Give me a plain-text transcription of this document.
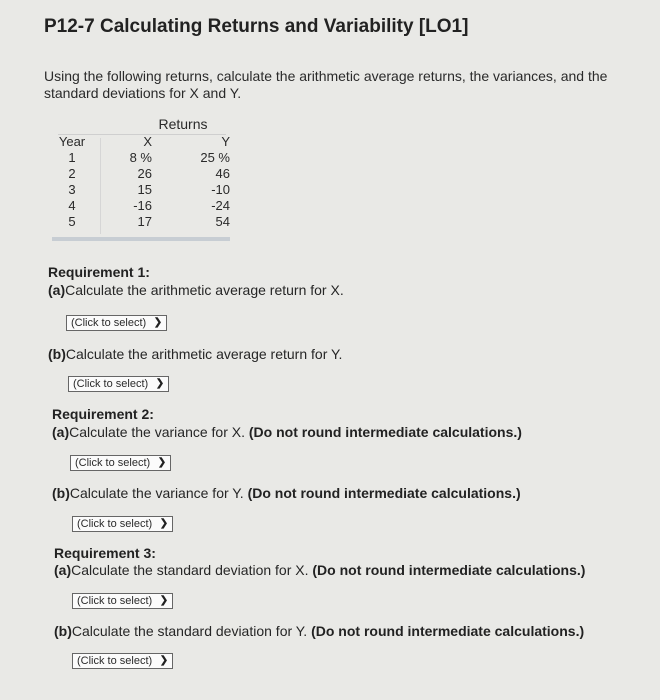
P12-7 Calculating Returns and Variability [LO1]

Using the following returns, calculate the arithmetic average returns, the variances, and the standard deviations for X and Y.

Returns
Year	X	Y
1	8 %	25 %
2	26	46
3	15	-10
4	-16	-24
5	17	54

Requirement 1:

(a)Calculate the arithmetic average return for X.

(Click to select) ❯

(b)Calculate the arithmetic average return for Y.

(Click to select) ❯

Requirement 2:

(a)Calculate the variance for X. (Do not round intermediate calculations.)

(Click to select) ❯

(b)Calculate the variance for Y. (Do not round intermediate calculations.)

(Click to select) ❯

Requirement 3:

(a)Calculate the standard deviation for X. (Do not round intermediate calculations.)

(Click to select) ❯

(b)Calculate the standard deviation for Y. (Do not round intermediate calculations.)

(Click to select) ❯
